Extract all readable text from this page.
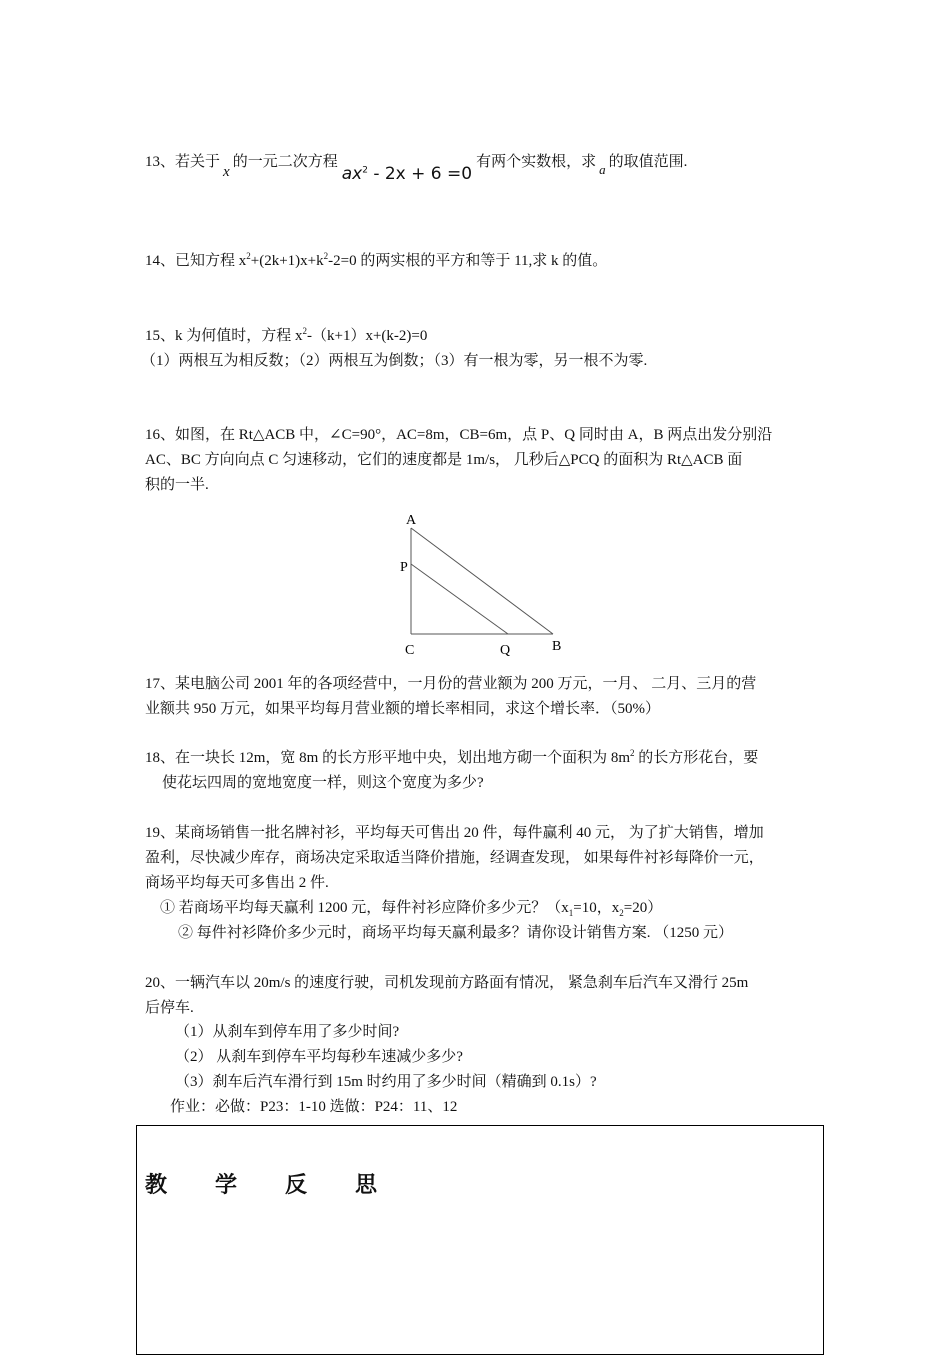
13、若关于x的一元二次方程$ax^2 - 2x + 6 =0$有两个实数根，求 a 的取值范围.
14、已知方程 $x^2+(2k+1)x+k^2-2=0$ 的两实根的平方和等于 11,求 k 的值。
15、k 为何值时，方程 $x^2-(k+1)x+(k-2)=0$
（1）两根互为相反数；（2）两根互为倒数；（3）有一根为零，另一根不为零.
16、如图，在 Rt△ACB 中，∠C=90°，AC=8m，CB=6m，点 P、Q 同时由 A，B 两点出发分别沿
AC、BC 方向向点 C 匀速移动，它们的速度都是 1m/s， 几秒后△PCQ 的面积为 Rt△ACB 面
积的一半.
A
P
C	Q	B
17、某电脑公司 2001 年的各项经营中，一月份的营业额为 200 万元，一月、 二月、三月的营
业额共 950 万元，如果平均每月营业额的增长率相同，求这个增长率．（50%）
18、在一块长 12m，宽 8m 的长方形平地中央，划出地方砌一个面积为 $8m^2$ 的长方形花台，要
使花坛四周的宽地宽度一样，则这个宽度为多少?
19、某商场销售一批名牌衬衫，平均每天可售出 20 件，每件赢利 40 元， 为了扩大销售，增加
盈利，尽快减少库存，商场决定采取适当降价措施，经调查发现， 如果每件衬衫每降价一元，
商场平均每天可多售出 2 件.
① 若商场平均每天赢利 1200 元，每件衬衫应降价多少元？（$x_1=10$，$x_2=20$）
② 每件衬衫降价多少元时，商场平均每天赢利最多？请你设计销售方案. （1250 元）
20、一辆汽车以 20m/s 的速度行驶，司机发现前方路面有情况， 紧急刹车后汽车又滑行 25m
后停车.
（1）从刹车到停车用了多少时间?
（2） 从刹车到停车平均每秒车速减少多少?
（3）刹车后汽车滑行到 15m 时约用了多少时间（精确到 0.1s）?
作业：必做：P23：1-10 选做：P24：11、12
教 学 反 思
